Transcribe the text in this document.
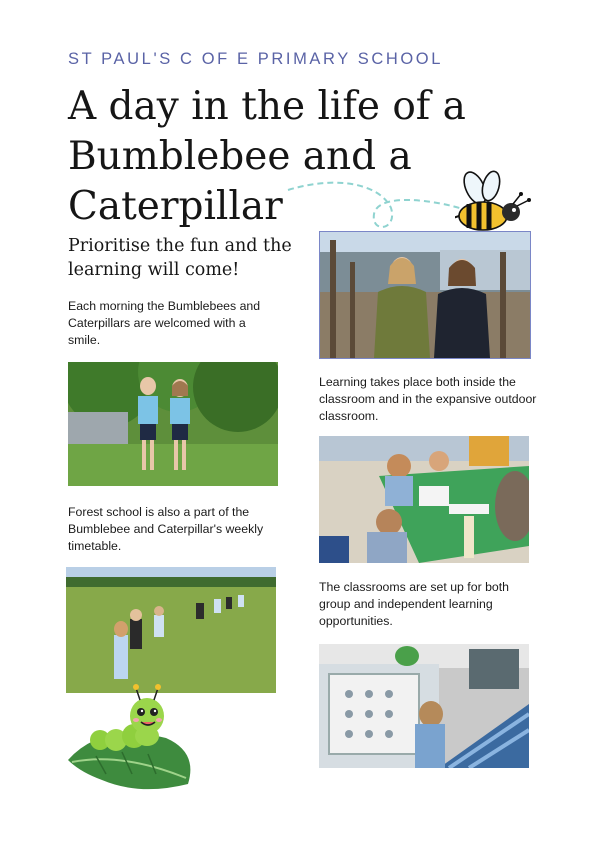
ST PAUL'S C OF E PRIMARY SCHOOL
A day in the life of a Bumblebee and a Caterpillar
Prioritise the fun and the learning will come!
Each morning the Bumblebees and Caterpillars are welcomed with a smile.
Learning takes place both inside the classroom and in the expansive outdoor classroom.
Forest school is also a part of the Bumblebee and Caterpillar's weekly timetable.
The classrooms are set up for both group and independent learning opportunities.
